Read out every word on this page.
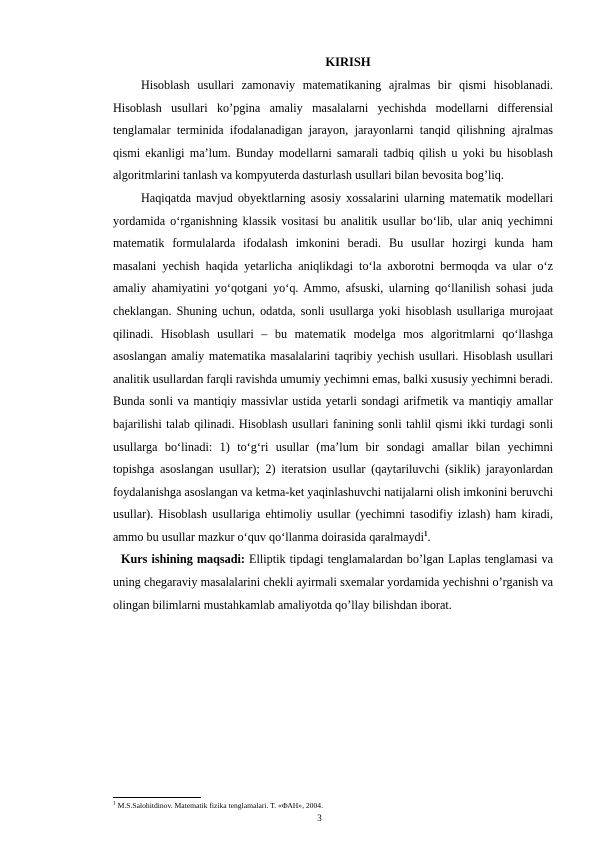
KIRISH

Hisoblash usullari zamonaviy matematikaning ajralmas bir qismi hisoblanadi. Hisoblash usullari ko’pgina amaliy masalalarni yechishda modellarni differensial tenglamalar terminida ifodalanadigan jarayon, jarayonlarni tanqid qilishning ajralmas qismi ekanligi ma’lum. Bunday modellarni samarali tadbiq qilish u yoki bu hisoblash algoritmlarini tanlash va kompyuterda dasturlash usullari bilan bevosita bog’liq.

Haqiqatda mavjud obyektlarning asosiy xossalarini ularning matematik modellari yordamida o‘rganishning klassik vositasi bu analitik usullar bo‘lib, ular aniq yechimni matematik formulalarda ifodalash imkonini beradi. Bu usullar hozirgi kunda ham masalani yechish haqida yetarlicha aniqlikdagi to‘la axborotni bermoqda va ular o‘z amaliy ahamiyatini yo‘qotgani yo‘q. Ammo, afsuski, ularning qo‘llanilish sohasi juda cheklangan. Shuning uchun, odatda, sonli usullarga yoki hisoblash usullariga murojaat qilinadi. Hisoblash usullari – bu matematik modelga mos algoritmlarni qo‘llashga asoslangan amaliy matematika masalalarini taqribiy yechish usullari. Hisoblash usullari analitik usullardan farqli ravishda umumiy yechimni emas, balki xususiy yechimni beradi. Bunda sonli va mantiqiy massivlar ustida yetarli sondagi arifmetik va mantiqiy amallar bajarilishi talab qilinadi. Hisoblash usullari fanining sonli tahlil qismi ikki turdagi sonli usullarga bo‘linadi: 1) to‘g‘ri usullar (ma’lum bir sondagi amallar bilan yechimni topishga asoslangan usullar); 2) iteratsion usullar (qaytariluvchi (siklik) jarayonlardan foydalanishga asoslangan va ketma-ket yaqinlashuvchi natijalarni olish imkonini beruvchi usullar). Hisoblash usullariga ehtimoliy usullar (yechimni tasodifiy izlash) ham kiradi, ammo bu usullar mazkur o‘quv qo‘llanma doirasida qaralmaydi$^1$.

Kurs ishining maqsadi: Elliptik tipdagi tenglamalardan bo’lgan Laplas tenglamasi va uning chegaraviy masalalarini chekli ayirmali sxemalar yordamida yechishni o’rganish va olingan bilimlarni mustahkamlab amaliyotda qo’llay bilishdan iborat.

$^1$ M.S.Salohitdinov. Matematik fizika tenglamalari. T. «ФАН», 2004.
3
